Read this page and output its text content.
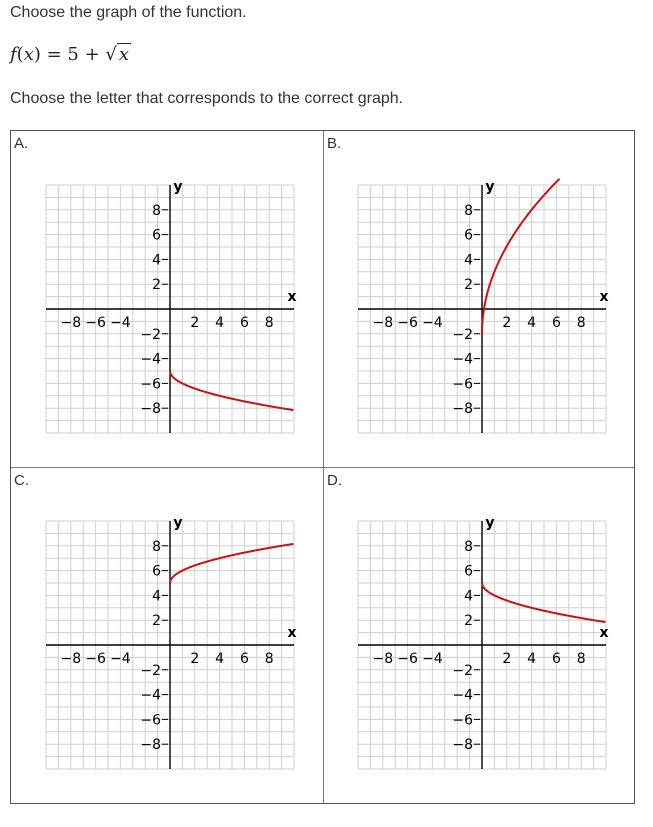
Choose the graph of the function.
f(x) = 5 + √ x
Choose the letter that corresponds to the correct graph.
A.
8
6
4
2
−2
−4
−6
−8
−8 −6 −4	2 4 6 8
x
y
B.
8
6
4
2
−2
−4
−6
−8
−8 −6 −4	2 4 6 8
x
y
C.
8
6
4
2
−2
−4
−6
−8
−8 −6 −4	2 4 6 8
x
y
D.
8
6
4
2
−2
−4
−6
−8
−8 −6 −4	2 4 6 8
x
y
